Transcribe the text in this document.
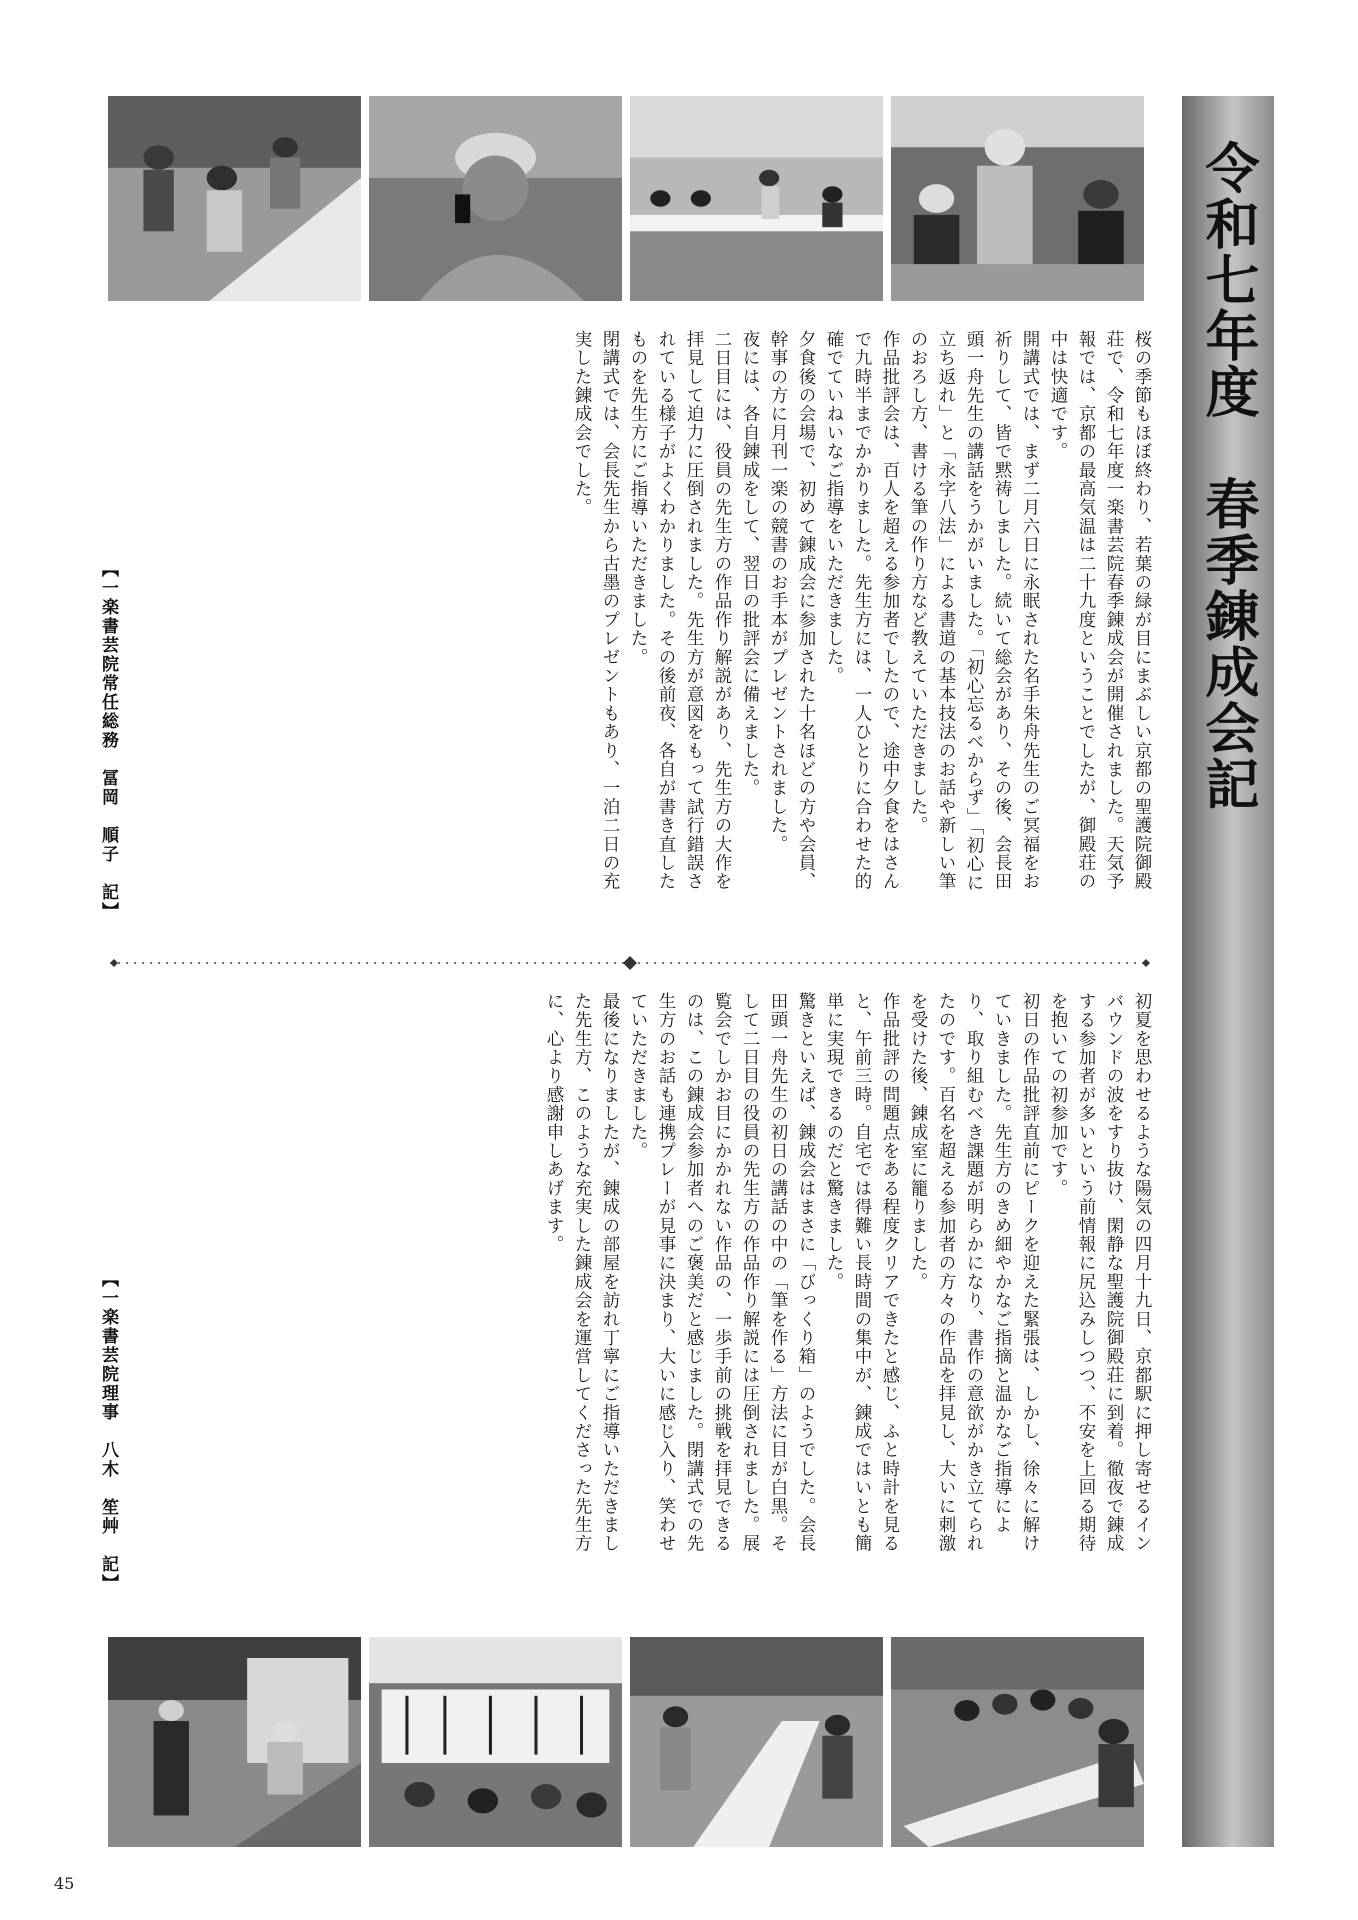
令和七年度　春季錬成会記

桜の季節もほぼ終わり、若葉の緑が目にまぶしい京都の聖護院御殿荘で、令和七年度一楽書芸院春季錬成会が開催されました。天気予報では、京都の最高気温は二十九度ということでしたが、御殿荘の中は快適です。

開講式では、まず二月六日に永眠された名手朱舟先生のご冥福をお祈りして、皆で黙祷しました。続いて総会があり、その後、会長田頭一舟先生の講話をうかがいました。「初心忘るべからず」「初心に立ち返れ」と「永字八法」による書道の基本技法のお話や新しい筆のおろし方、書ける筆の作り方など教えていただきました。

作品批評会は、百人を超える参加者でしたので、途中夕食をはさんで九時半までかかりました。先生方には、一人ひとりに合わせた的確でていねいなご指導をいただきました。

夕食後の会場で、初めて錬成会に参加された十名ほどの方や会員、幹事の方に月刊一楽の競書のお手本がプレゼントされました。

夜には、各自錬成をして、翌日の批評会に備えました。

二日目には、役員の先生方の作品作り解説があり、先生方の大作を拝見して迫力に圧倒されました。先生方が意図をもって試行錯誤されている様子がよくわかりました。その後前夜、各自が書き直したものを先生方にご指導いただきました。

閉講式では、会長先生から古墨のプレゼントもあり、一泊二日の充実した錬成会でした。

【一楽書芸院常任総務　冨岡　順子　記】

初夏を思わせるような陽気の四月十九日、京都駅に押し寄せるインバウンドの波をすり抜け、閑静な聖護院御殿荘に到着。徹夜で錬成する参加者が多いという前情報に尻込みしつつ、不安を上回る期待を抱いての初参加です。

初日の作品批評直前にピークを迎えた緊張は、しかし、徐々に解けていきました。先生方のきめ細やかなご指摘と温かなご指導により、取り組むべき課題が明らかになり、書作の意欲がかき立てられたのです。百名を超える参加者の方々の作品を拝見し、大いに刺激を受けた後、錬成室に籠りました。

作品批評の問題点をある程度クリアできたと感じ、ふと時計を見ると、午前三時。自宅では得難い長時間の集中が、錬成ではいとも簡単に実現できるのだと驚きました。

驚きといえば、錬成会はまさに「びっくり箱」のようでした。会長田頭一舟先生の初日の講話の中の「筆を作る」方法に目が白黒。そして二日目の役員の先生方の作品作り解説には圧倒されました。展覧会でしかお目にかかれない作品の、一歩手前の挑戦を拝見できるのは、この錬成会参加者へのご褒美だと感じました。閉講式での先生方のお話も連携プレーが見事に決まり、大いに感じ入り、笑わせていただきました。

最後になりましたが、錬成の部屋を訪れ丁寧にご指導いただきました先生方、このような充実した錬成会を運営してくださった先生方に、心より感謝申しあげます。

【一楽書芸院理事　八木　笙艸　記】
45
